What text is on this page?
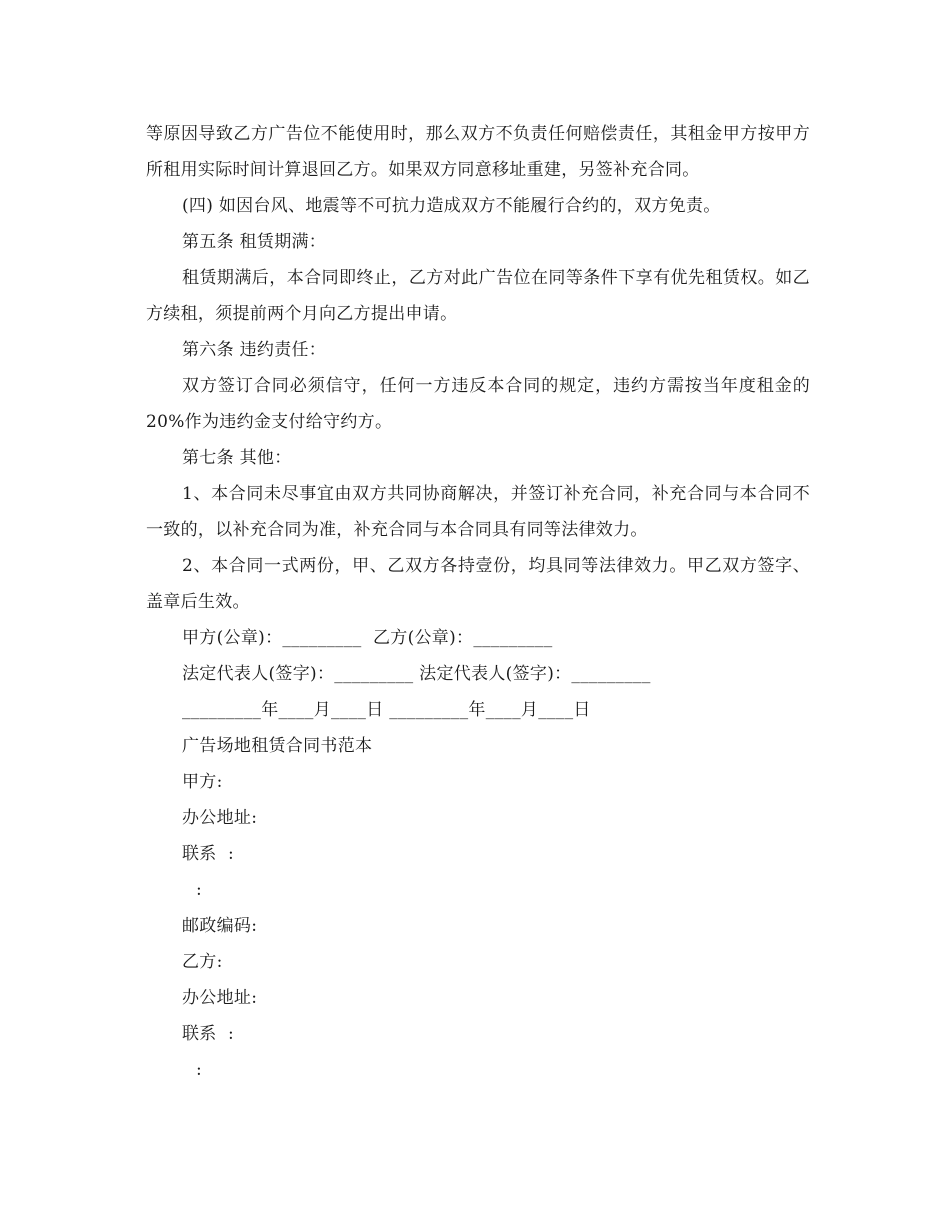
等原因导致乙方广告位不能使用时，那么双方不负责任何赔偿责任，其租金甲方按甲方所租用实际时间计算退回乙方。如果双方同意移址重建，另签补充合同。

(四) 如因台风、地震等不可抗力造成双方不能履行合约的，双方免责。

第五条 租赁期满：

租赁期满后，本合同即终止，乙方对此广告位在同等条件下享有优先租赁权。如乙方续租，须提前两个月向乙方提出申请。

第六条 违约责任：

双方签订合同必须信守，任何一方违反本合同的规定，违约方需按当年度租金的 20%作为违约金支付给守约方。

第七条 其他：

1、本合同未尽事宜由双方共同协商解决，并签订补充合同，补充合同与本合同不一致的，以补充合同为准，补充合同与本合同具有同等法律效力。

2、本合同一式两份，甲、乙双方各持壹份，均具同等法律效力。甲乙双方签字、盖章后生效。

甲方(公章)：_________  乙方(公章)：_________

法定代表人(签字)：_________ 法定代表人(签字)：_________

_________年____月____日 _________年____月____日

广告场地租赁合同书范本

甲方:

办公地址:

联系  :

:

邮政编码:

乙方:

办公地址:

联系  :

:
